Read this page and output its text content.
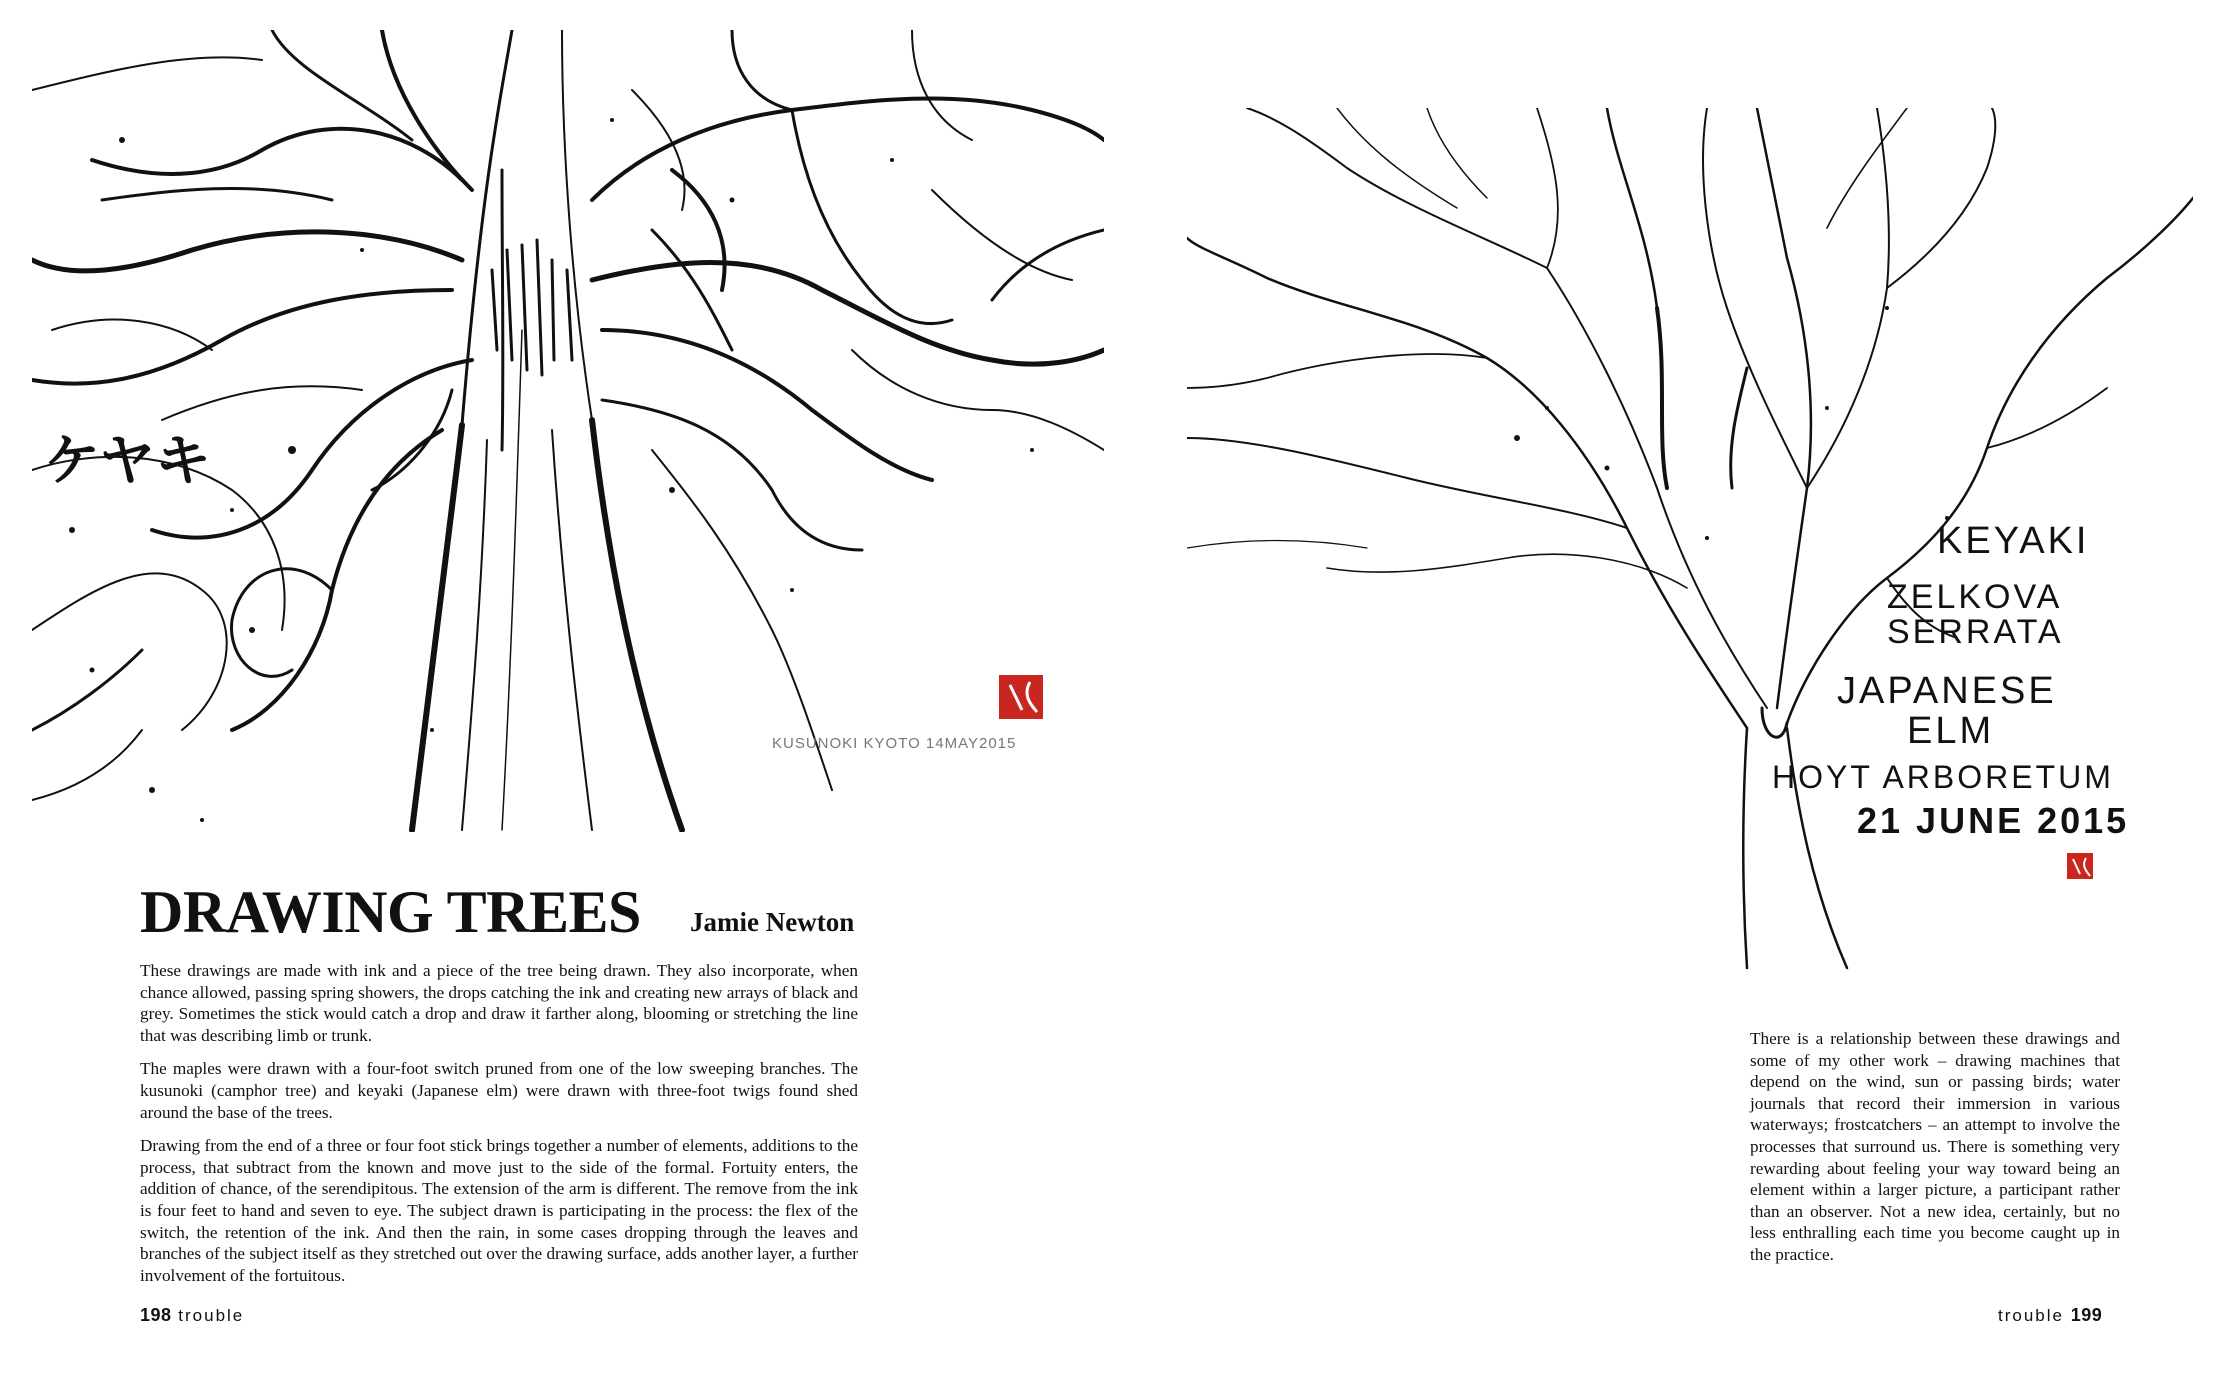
ケヤキ
KUSUNOKI KYOTO 14MAY2015
KEYAKI
ZELKOVA
SERRATA
JAPANESE
ELM
HOYT ARBORETUM
21 JUNE 2015
DRAWING TREES Jamie Newton

These drawings are made with ink and a piece of the tree being drawn. They also incorporate, when chance allowed, passing spring showers, the drops catching the ink and creating new arrays of black and grey. Sometimes the stick would catch a drop and draw it farther along, blooming or stretching the line that was describing limb or trunk.

The maples were drawn with a four-foot switch pruned from one of the low sweeping branches. The kusunoki (camphor tree) and keyaki (Japanese elm) were drawn with three-foot twigs found shed around the base of the trees.

Drawing from the end of a three or four foot stick brings together a number of elements, additions to the process, that subtract from the known and move just to the side of the formal. Fortuity enters, the addition of chance, of the serendipitous. The extension of the arm is different. The remove from the ink is four feet to hand and seven to eye. The subject drawn is participating in the process: the flex of the switch, the retention of the ink. And then the rain, in some cases dropping through the leaves and branches of the subject itself as they stretched out over the drawing surface, adds another layer, a further involvement of the fortuitous.

There is a relationship between these drawings and some of my other work – drawing machines that depend on the wind, sun or passing birds; water journals that record their immersion in various waterways; frostcatchers – an attempt to involve the processes that surround us. There is something very rewarding about feeling your way toward being an element within a larger picture, a participant rather than an observer. Not a new idea, certainly, but no less enthralling each time you become caught up in the practice.

198 trouble	trouble 199
